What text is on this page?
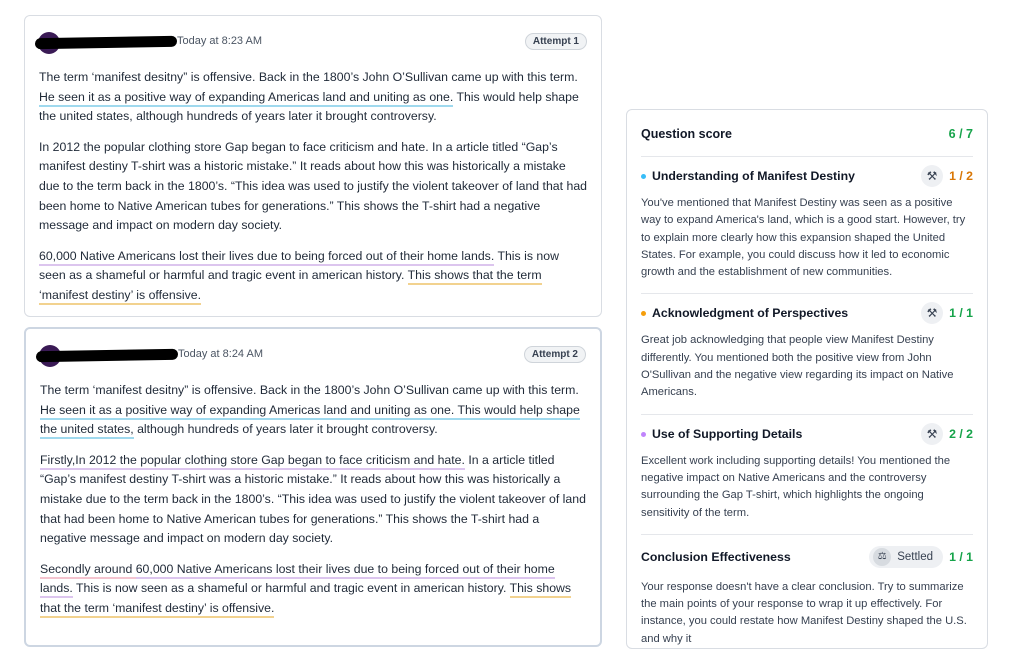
Today at 8:23 AM	Attempt 1

The term ‘manifest desitny” is offensive. Back in the 1800’s John O’Sullivan came up with this term. He seen it as a positive way of expanding Americas land and uniting as one. This would help shape the united states, although hundreds of years later it brought controversy.

In 2012 the popular clothing store Gap began to face criticism and hate. In a article titled “Gap’s manifest destiny T-shirt was a historic mistake.” It reads about how this was historically a mistake due to the term back in the 1800’s. “This idea was used to justify the violent takeover of land that had been home to Native American tubes for generations.” This shows the T-shirt had a negative message and impact on modern day society.

60,000 Native Americans lost their lives due to being forced out of their home lands. This is now seen as a shameful or harmful and tragic event in american history. This shows that the term ‘manifest destiny’ is offensive.

Today at 8:24 AM	Attempt 2

The term ‘manifest desitny” is offensive. Back in the 1800’s John O’Sullivan came up with this term. He seen it as a positive way of expanding Americas land and uniting as one. This would help shape the united states, although hundreds of years later it brought controversy.

Firstly,In 2012 the popular clothing store Gap began to face criticism and hate. In a article titled “Gap’s manifest destiny T-shirt was a historic mistake.” It reads about how this was historically a mistake due to the term back in the 1800’s. “This idea was used to justify the violent takeover of land that had been home to Native American tubes for generations.” This shows the T-shirt had a negative message and impact on modern day society.

Secondly around 60,000 Native Americans lost their lives due to being forced out of their home lands. This is now seen as a shameful or harmful and tragic event in american history. This shows that the term ‘manifest destiny’ is offensive.

Question score	6 / 7
Understanding of Manifest Destiny	⚒ 1 / 2
You've mentioned that Manifest Destiny was seen as a positive way to expand America's land, which is a good start. However, try to explain more clearly how this expansion shaped the United States. For example, you could discuss how it led to economic growth and the establishment of new communities.
Acknowledgment of Perspectives	⚒ 1 / 1
Great job acknowledging that people view Manifest Destiny differently. You mentioned both the positive view from John O'Sullivan and the negative view regarding its impact on Native Americans.
Use of Supporting Details	⚒ 2 / 2
Excellent work including supporting details! You mentioned the negative impact on Native Americans and the controversy surrounding the Gap T-shirt, which highlights the ongoing sensitivity of the term.
Conclusion Effectiveness	⚖ Settled	1 / 1
Your response doesn't have a clear conclusion. Try to summarize the main points of your response to wrap it up effectively. For instance, you could restate how Manifest Destiny shaped the U.S. and why it
